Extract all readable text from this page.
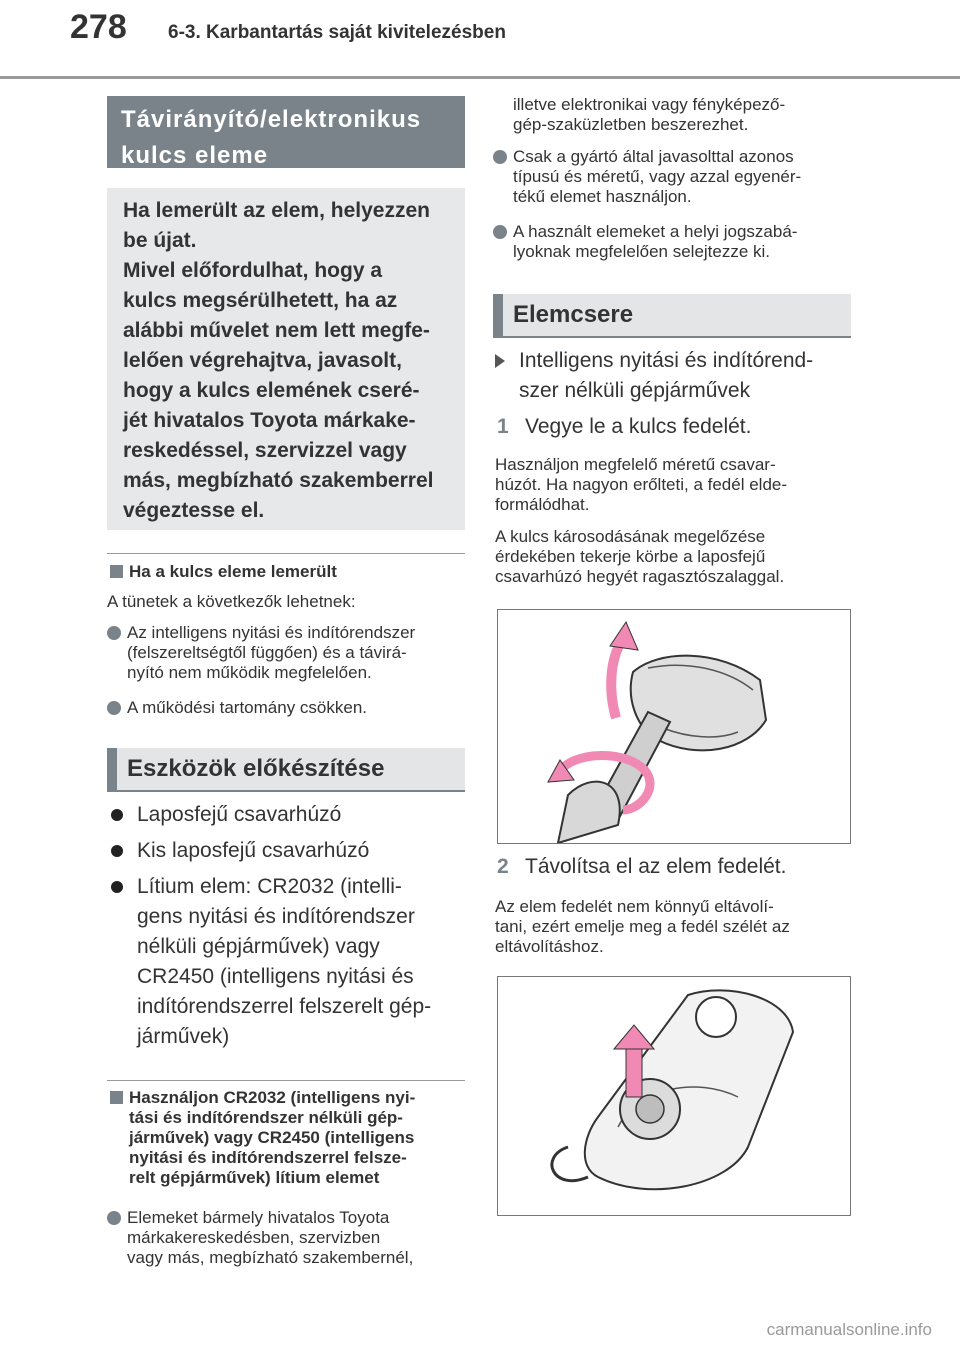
278 6-3. Karbantartás saját kivitelezésben
Távirányító/elektronikus
kulcs eleme
Ha lemerült az elem, helyezzen
be újat.
Mivel előfordulhat, hogy a
kulcs megsérülhetett, ha az
alábbi művelet nem lett megfe-
lelően végrehajtva, javasolt,
hogy a kulcs elemének cseré-
jét hivatalos Toyota márkake-
reskedéssel, szervizzel vagy
más, megbízható szakemberrel
végeztesse el.
Ha a kulcs eleme lemerült
A tünetek a következők lehetnek:
Az intelligens nyitási és indítórendszer
(felszereltségtől függően) és a távirá-
nyító nem működik megfelelően.
A működési tartomány csökken.
Eszközök előkészítése
Laposfejű csavarhúzó
Kis laposfejű csavarhúzó
Lítium elem: CR2032 (intelli-
gens nyitási és indítórendszer
nélküli gépjárművek) vagy
CR2450 (intelligens nyitási és
indítórendszerrel felszerelt gép-
járművek)
Használjon CR2032 (intelligens nyi-
tási és indítórendszer nélküli gép-
járművek) vagy CR2450 (intelligens
nyitási és indítórendszerrel felsze-
relt gépjárművek) lítium elemet
Elemeket bármely hivatalos Toyota
márkakereskedésben, szervizben
vagy más, megbízható szakembernél,
illetve elektronikai vagy fényképező-
gép-szaküzletben beszerezhet.
Csak a gyártó által javasolttal azonos
típusú és méretű, vagy azzal egyenér-
tékű elemet használjon.
A használt elemeket a helyi jogszabá-
lyoknak megfelelően selejtezze ki.
Elemcsere
Intelligens nyitási és indítórend-
szer nélküli gépjárművek
1 Vegye le a kulcs fedelét.
Használjon megfelelő méretű csavar-
húzót. Ha nagyon erőlteti, a fedél elde-
formálódhat.
A kulcs károsodásának megelőzése
érdekében tekerje körbe a laposfejű
csavarhúzó hegyét ragasztószalaggal.
2 Távolítsa el az elem fedelét.
Az elem fedelét nem könnyű eltávolí-
tani, ezért emelje meg a fedél szélét az
eltávolításhoz.
carmanualsonline.info
